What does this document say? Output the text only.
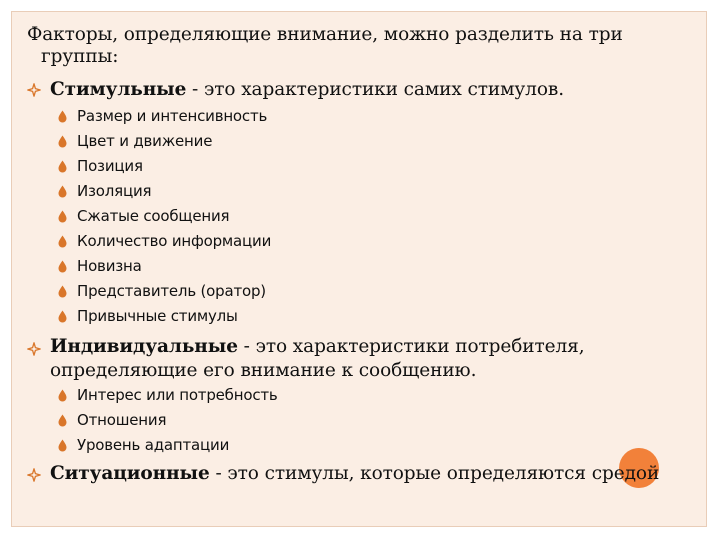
Факторы, определяющие внимание, можно разделить на три
группы:
Стимульные - это характеристики самих стимулов.
Размер и интенсивность
Цвет и движение
Позиция
Изоляция
Сжатые сообщения
Количество информации
Новизна
Представитель (оратор)
Привычные стимулы
Индивидуальные - это характеристики потребителя,
определяющие его внимание к сообщению.
Интерес или потребность
Отношения
Уровень адаптации
Ситуационные - это стимулы, которые определяются средой
